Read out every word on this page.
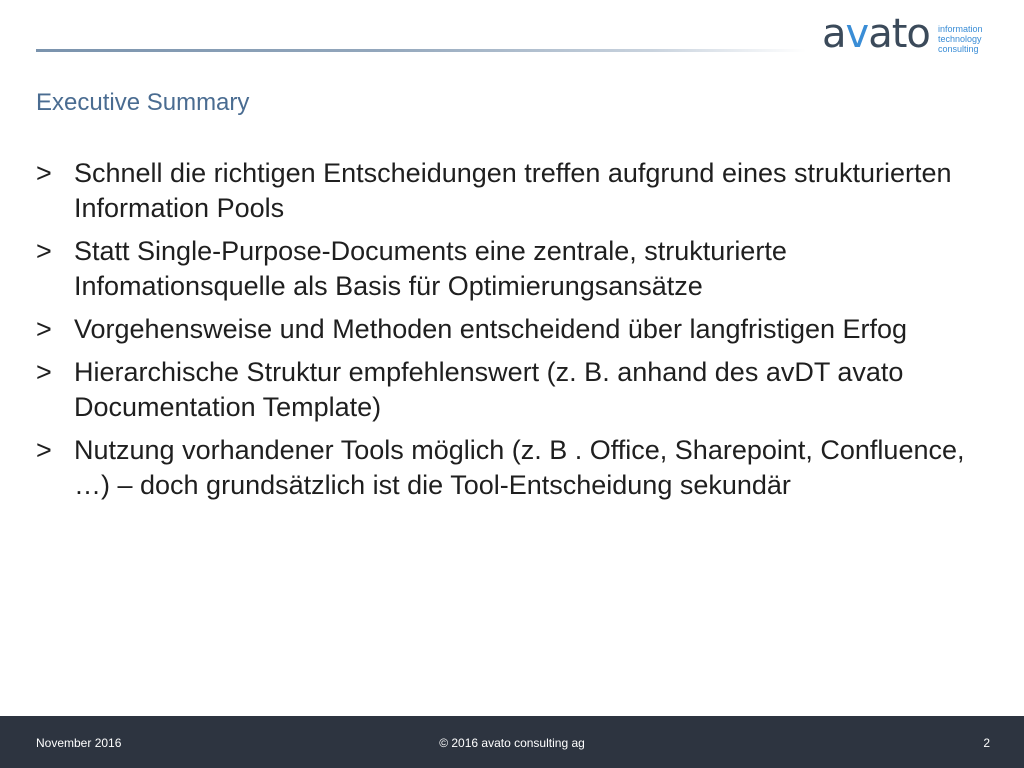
avato information
technology
consulting
Executive Summary
> Schnell die richtigen Entscheidungen treffen aufgrund eines strukturierten Information Pools
> Statt Single-Purpose-Documents eine zentrale, strukturierte Infomationsquelle als Basis für Optimierungsansätze
> Vorgehensweise und Methoden entscheidend über langfristigen Erfog
> Hierarchische Struktur empfehlenswert (z. B. anhand des avDT avato Documentation Template)
> Nutzung vorhandener Tools möglich (z. B . Office, Sharepoint, Confluence, …) – doch grundsätzlich ist die Tool-Entscheidung sekundär
November 2016	© 2016 avato consulting ag	2
